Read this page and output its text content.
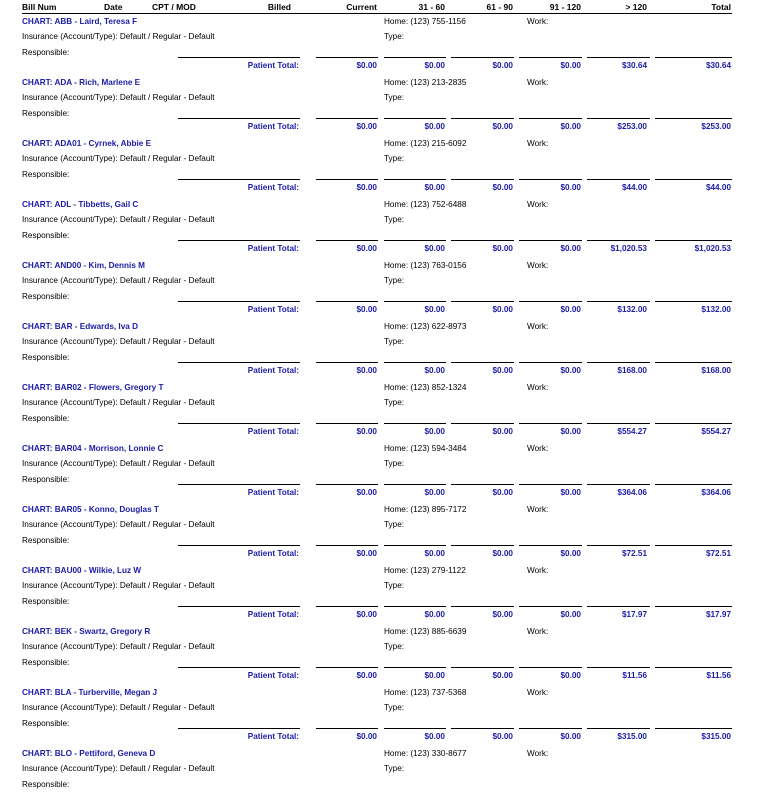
Bill Num	Date	CPT / MOD	Billed	Current	31 - 60	61 - 90	91 - 120	> 120	Total
CHART: ABB - Laird, Teresa F
Insurance (Account/Type): Default / Regular - Default
Responsible:
Home: (123) 755-1156
Type:
Work:
Patient Total:	$0.00	$0.00	$0.00	$0.00	$30.64	$30.64
CHART: ADA - Rich, Marlene E
Insurance (Account/Type): Default / Regular - Default
Responsible:
Home: (123) 213-2835
Type:
Work:
Patient Total:	$0.00	$0.00	$0.00	$0.00	$253.00	$253.00
CHART: ADA01 - Cyrnek, Abbie E
Insurance (Account/Type): Default / Regular - Default
Responsible:
Home: (123) 215-6092
Type:
Work:
Patient Total:	$0.00	$0.00	$0.00	$0.00	$44.00	$44.00
CHART: ADL - Tibbetts, Gail C
Insurance (Account/Type): Default / Regular - Default
Responsible:
Home: (123) 752-6488
Type:
Work:
Patient Total:	$0.00	$0.00	$0.00	$0.00	$1,020.53	$1,020.53
CHART: AND00 - Kim, Dennis M
Insurance (Account/Type): Default / Regular - Default
Responsible:
Home: (123) 763-0156
Type:
Work:
Patient Total:	$0.00	$0.00	$0.00	$0.00	$132.00	$132.00
CHART: BAR - Edwards, Iva D
Insurance (Account/Type): Default / Regular - Default
Responsible:
Home: (123) 622-8973
Type:
Work:
Patient Total:	$0.00	$0.00	$0.00	$0.00	$168.00	$168.00
CHART: BAR02 - Flowers, Gregory T
Insurance (Account/Type): Default / Regular - Default
Responsible:
Home: (123) 852-1324
Type:
Work:
Patient Total:	$0.00	$0.00	$0.00	$0.00	$554.27	$554.27
CHART: BAR04 - Morrison, Lonnie C
Insurance (Account/Type): Default / Regular - Default
Responsible:
Home: (123) 594-3484
Type:
Work:
Patient Total:	$0.00	$0.00	$0.00	$0.00	$364.06	$364.06
CHART: BAR05 - Konno, Douglas T
Insurance (Account/Type): Default / Regular - Default
Responsible:
Home: (123) 895-7172
Type:
Work:
Patient Total:	$0.00	$0.00	$0.00	$0.00	$72.51	$72.51
CHART: BAU00 - Wilkie, Luz W
Insurance (Account/Type): Default / Regular - Default
Responsible:
Home: (123) 279-1122
Type:
Work:
Patient Total:	$0.00	$0.00	$0.00	$0.00	$17.97	$17.97
CHART: BEK - Swartz, Gregory R
Insurance (Account/Type): Default / Regular - Default
Responsible:
Home: (123) 885-6639
Type:
Work:
Patient Total:	$0.00	$0.00	$0.00	$0.00	$11.56	$11.56
CHART: BLA - Turberville, Megan J
Insurance (Account/Type): Default / Regular - Default
Responsible:
Home: (123) 737-5368
Type:
Work:
Patient Total:	$0.00	$0.00	$0.00	$0.00	$315.00	$315.00
CHART: BLO - Pettiford, Geneva D
Insurance (Account/Type): Default / Regular - Default
Responsible:
Home: (123) 330-8677
Type:
Work:
